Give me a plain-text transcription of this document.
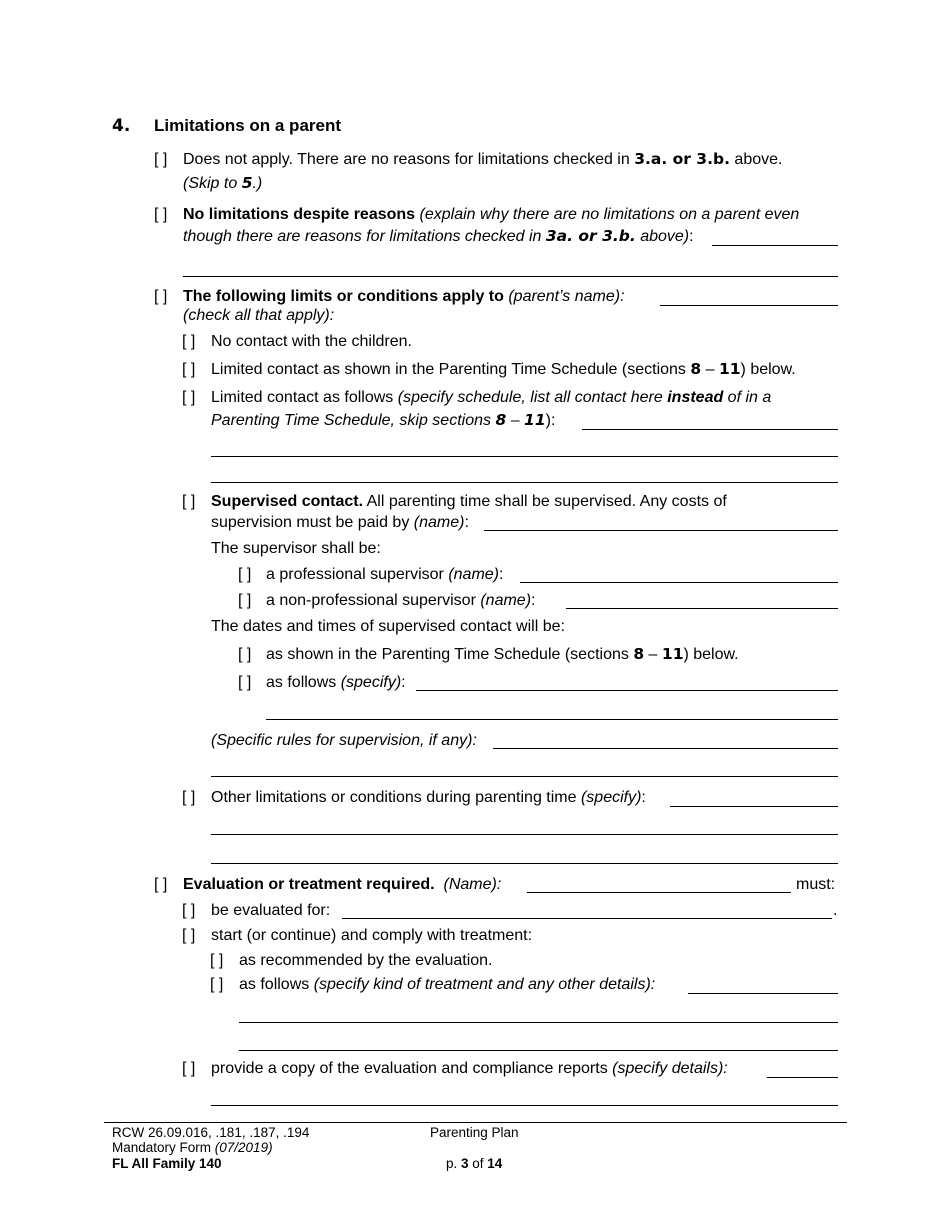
4. Limitations on a parent
[ ] Does not apply. There are no reasons for limitations checked in 3.a. or 3.b. above.
(Skip to 5.)
[ ] No limitations despite reasons (explain why there are no limitations on a parent even
though there are reasons for limitations checked in 3a. or 3.b. above):
[ ] The following limits or conditions apply to (parent’s name):
(check all that apply):
[ ] No contact with the children.
[ ] Limited contact as shown in the Parenting Time Schedule (sections 8 – 11) below.
[ ] Limited contact as follows (specify schedule, list all contact here instead of in a
Parenting Time Schedule, skip sections 8 – 11):
[ ] Supervised contact. All parenting time shall be supervised. Any costs of
supervision must be paid by (name):
The supervisor shall be:
[ ] a professional supervisor (name):
[ ] a non-professional supervisor (name):
The dates and times of supervised contact will be:
[ ] as shown in the Parenting Time Schedule (sections 8 – 11) below.
[ ] as follows (specify):
(Specific rules for supervision, if any):
[ ] Other limitations or conditions during parenting time (specify):
[ ] Evaluation or treatment required. (Name):	must:
[ ] be evaluated for:	.
[ ] start (or continue) and comply with treatment:
[ ] as recommended by the evaluation.
[ ] as follows (specify kind of treatment and any other details):
[ ] provide a copy of the evaluation and compliance reports (specify details):
RCW 26.09.016, .181, .187, .194
Mandatory Form (07/2019)
FL All Family 140
Parenting Plan
p. 3 of 14
